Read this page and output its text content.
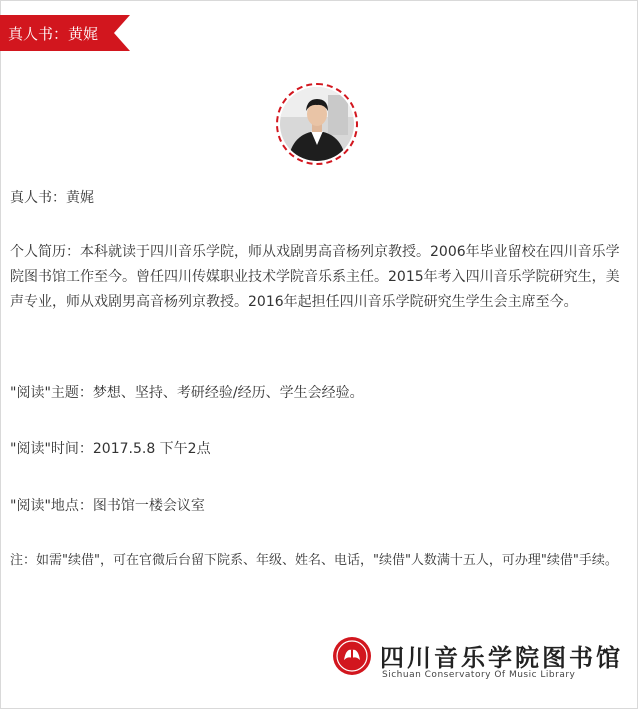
真人书：黄娓

真人书：黄娓

个人简历：本科就读于四川音乐学院，师从戏剧男高音杨列京教授。2006年毕业留校在四川音乐学院图书馆工作至今。曾任四川传媒职业技术学院音乐系主任。2015年考入四川音乐学院研究生，美声专业，师从戏剧男高音杨列京教授。2016年起担任四川音乐学院研究生学生会主席至今。

"阅读"主题：梦想、坚持、考研经验/经历、学生会经验。

"阅读"时间：2017.5.8 下午2点

"阅读"地点：图书馆一楼会议室

注：如需"续借"，可在官微后台留下院系、年级、姓名、电话，"续借"人数满十五人，可办理"续借"手续。

四川音乐学院图书馆
Sichuan Conservatory Of Music Library
